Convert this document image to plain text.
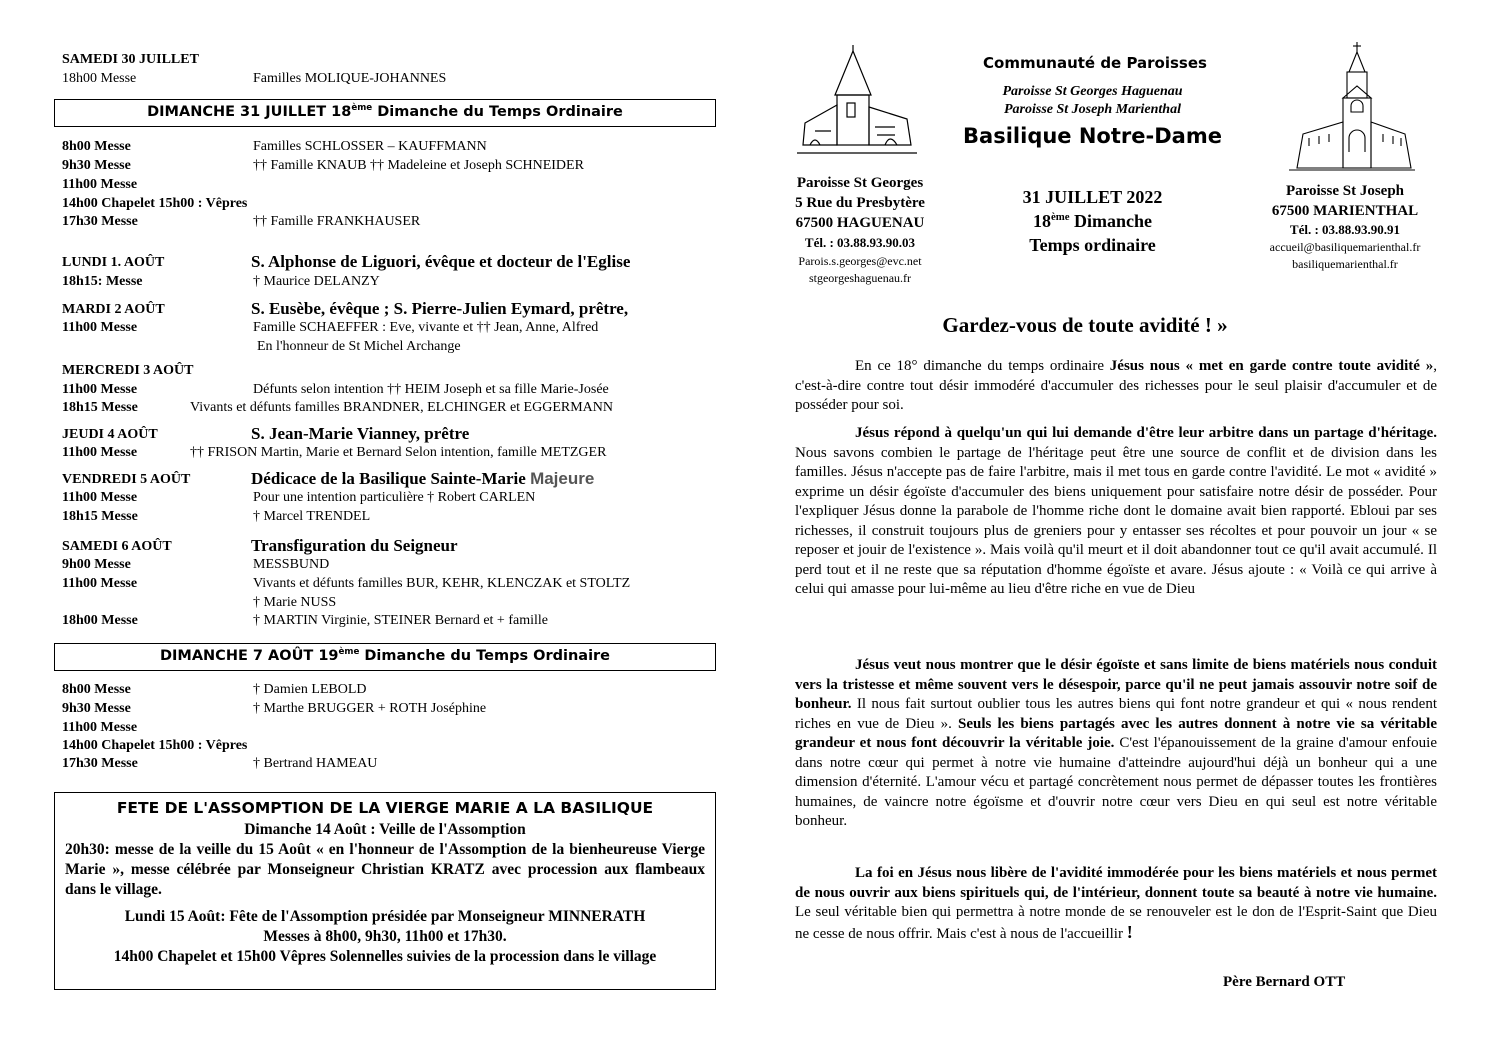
SAMEDI 30 JUILLET
18h00 Messe	Familles MOLIQUE-JOHANNES
DIMANCHE 31 JUILLET 18ème Dimanche du Temps Ordinaire
8h00 Messe	Familles SCHLOSSER – KAUFFMANN
9h30 Messe	†† Famille KNAUB †† Madeleine et Joseph SCHNEIDER
11h00 Messe
14h00 Chapelet 15h00 : Vêpres
17h30 Messe	†† Famille FRANKHAUSER
LUNDI 1. AOÛT	S. Alphonse de Liguori, évêque et docteur de l'Eglise
18h15: Messe	† Maurice DELANZY
MARDI 2 AOÛT	S. Eusèbe, évêque ; S. Pierre-Julien Eymard, prêtre,
11h00 Messe	Famille SCHAEFFER : Eve, vivante et †† Jean, Anne, Alfred
En l'honneur de St Michel Archange
MERCREDI 3 AOÛT
11h00 Messe	Défunts selon intention †† HEIM Joseph et sa fille Marie-Josée
18h15 Messe	Vivants et défunts familles BRANDNER, ELCHINGER et EGGERMANN
JEUDI 4 AOÛT	S. Jean-Marie Vianney, prêtre
11h00 Messe	†† FRISON Martin, Marie et Bernard Selon intention, famille METZGER
VENDREDI 5 AOÛT	Dédicace de la Basilique Sainte-Marie Majeure
11h00 Messe	Pour une intention particulière † Robert CARLEN
18h15 Messe	† Marcel TRENDEL
SAMEDI 6 AOÛT	Transfiguration du Seigneur
9h00 Messe	MESSBUND
11h00 Messe	Vivants et défunts familles BUR, KEHR, KLENCZAK et STOLTZ
† Marie NUSS
18h00 Messe	† MARTIN Virginie, STEINER Bernard et + famille
DIMANCHE 7 AOÛT 19ème Dimanche du Temps Ordinaire
8h00 Messe	† Damien LEBOLD
9h30 Messe	† Marthe BRUGGER + ROTH Joséphine
11h00 Messe
14h00 Chapelet 15h00 : Vêpres
17h30 Messe	† Bertrand HAMEAU
FETE DE L'ASSOMPTION DE LA VIERGE MARIE A LA BASILIQUE
Dimanche 14 Août : Veille de l'Assomption
20h30: messe de la veille du 15 Août « en l'honneur de l'Assomption de la bienheureuse Vierge Marie », messe célébrée par Monseigneur Christian KRATZ avec procession aux flambeaux dans le village.
Lundi 15 Août: Fête de l'Assomption présidée par Monseigneur MINNERATH
Messes à 8h00, 9h30, 11h00 et 17h30.
14h00 Chapelet et 15h00 Vêpres Solennelles suivies de la procession dans le village
Communauté de Paroisses
Paroisse St Georges Haguenau
Paroisse St Joseph Marienthal
Basilique Notre-Dame
Paroisse St Georges
5 Rue du Presbytère
67500 HAGUENAU
Tél. : 03.88.93.90.03
Parois.s.georges@evc.net
stgeorgeshaguenau.fr
31 JUILLET 2022
18ème Dimanche
Temps ordinaire
Paroisse St Joseph
67500 MARIENTHAL
Tél. : 03.88.93.90.91
accueil@basiliquemarienthal.fr
basiliquemarienthal.fr
Gardez-vous de toute avidité ! »
En ce 18° dimanche du temps ordinaire Jésus nous « met en garde contre toute avidité », c'est-à-dire contre tout désir immodéré d'accumuler des richesses pour le seul plaisir d'accumuler et de posséder pour soi.
Jésus répond à quelqu'un qui lui demande d'être leur arbitre dans un partage d'héritage. Nous savons combien le partage de l'héritage peut être une source de conflit et de division dans les familles. Jésus n'accepte pas de faire l'arbitre, mais il met tous en garde contre l'avidité. Le mot « avidité » exprime un désir égoïste d'accumuler des biens uniquement pour satisfaire notre désir de posséder. Pour l'expliquer Jésus donne la parabole de l'homme riche dont le domaine avait bien rapporté. Ebloui par ses richesses, il construit toujours plus de greniers pour y entasser ses récoltes et pour pouvoir un jour « se reposer et jouir de l'existence ». Mais voilà qu'il meurt et il doit abandonner tout ce qu'il avait accumulé. Il perd tout et il ne reste que sa réputation d'homme égoïste et avare. Jésus ajoute : « Voilà ce qui arrive à celui qui amasse pour lui-même au lieu d'être riche en vue de Dieu
Jésus veut nous montrer que le désir égoïste et sans limite de biens matériels nous conduit vers la tristesse et même souvent vers le désespoir, parce qu'il ne peut jamais assouvir notre soif de bonheur. Il nous fait surtout oublier tous les autres biens qui font notre grandeur et qui « nous rendent riches en vue de Dieu ». Seuls les biens partagés avec les autres donnent à notre vie sa véritable grandeur et nous font découvrir la véritable joie. C'est l'épanouissement de la graine d'amour enfouie dans notre cœur qui permet à notre vie humaine d'atteindre aujourd'hui déjà un bonheur qui a une dimension d'éternité. L'amour vécu et partagé concrètement nous permet de dépasser toutes les frontières humaines, de vaincre notre égoïsme et d'ouvrir notre cœur vers Dieu en qui seul est notre véritable bonheur.
La foi en Jésus nous libère de l'avidité immodérée pour les biens matériels et nous permet de nous ouvrir aux biens spirituels qui, de l'intérieur, donnent toute sa beauté à notre vie humaine. Le seul véritable bien qui permettra à notre monde de se renouveler est le don de l'Esprit-Saint que Dieu ne cesse de nous offrir. Mais c'est à nous de l'accueillir !
Père Bernard OTT
